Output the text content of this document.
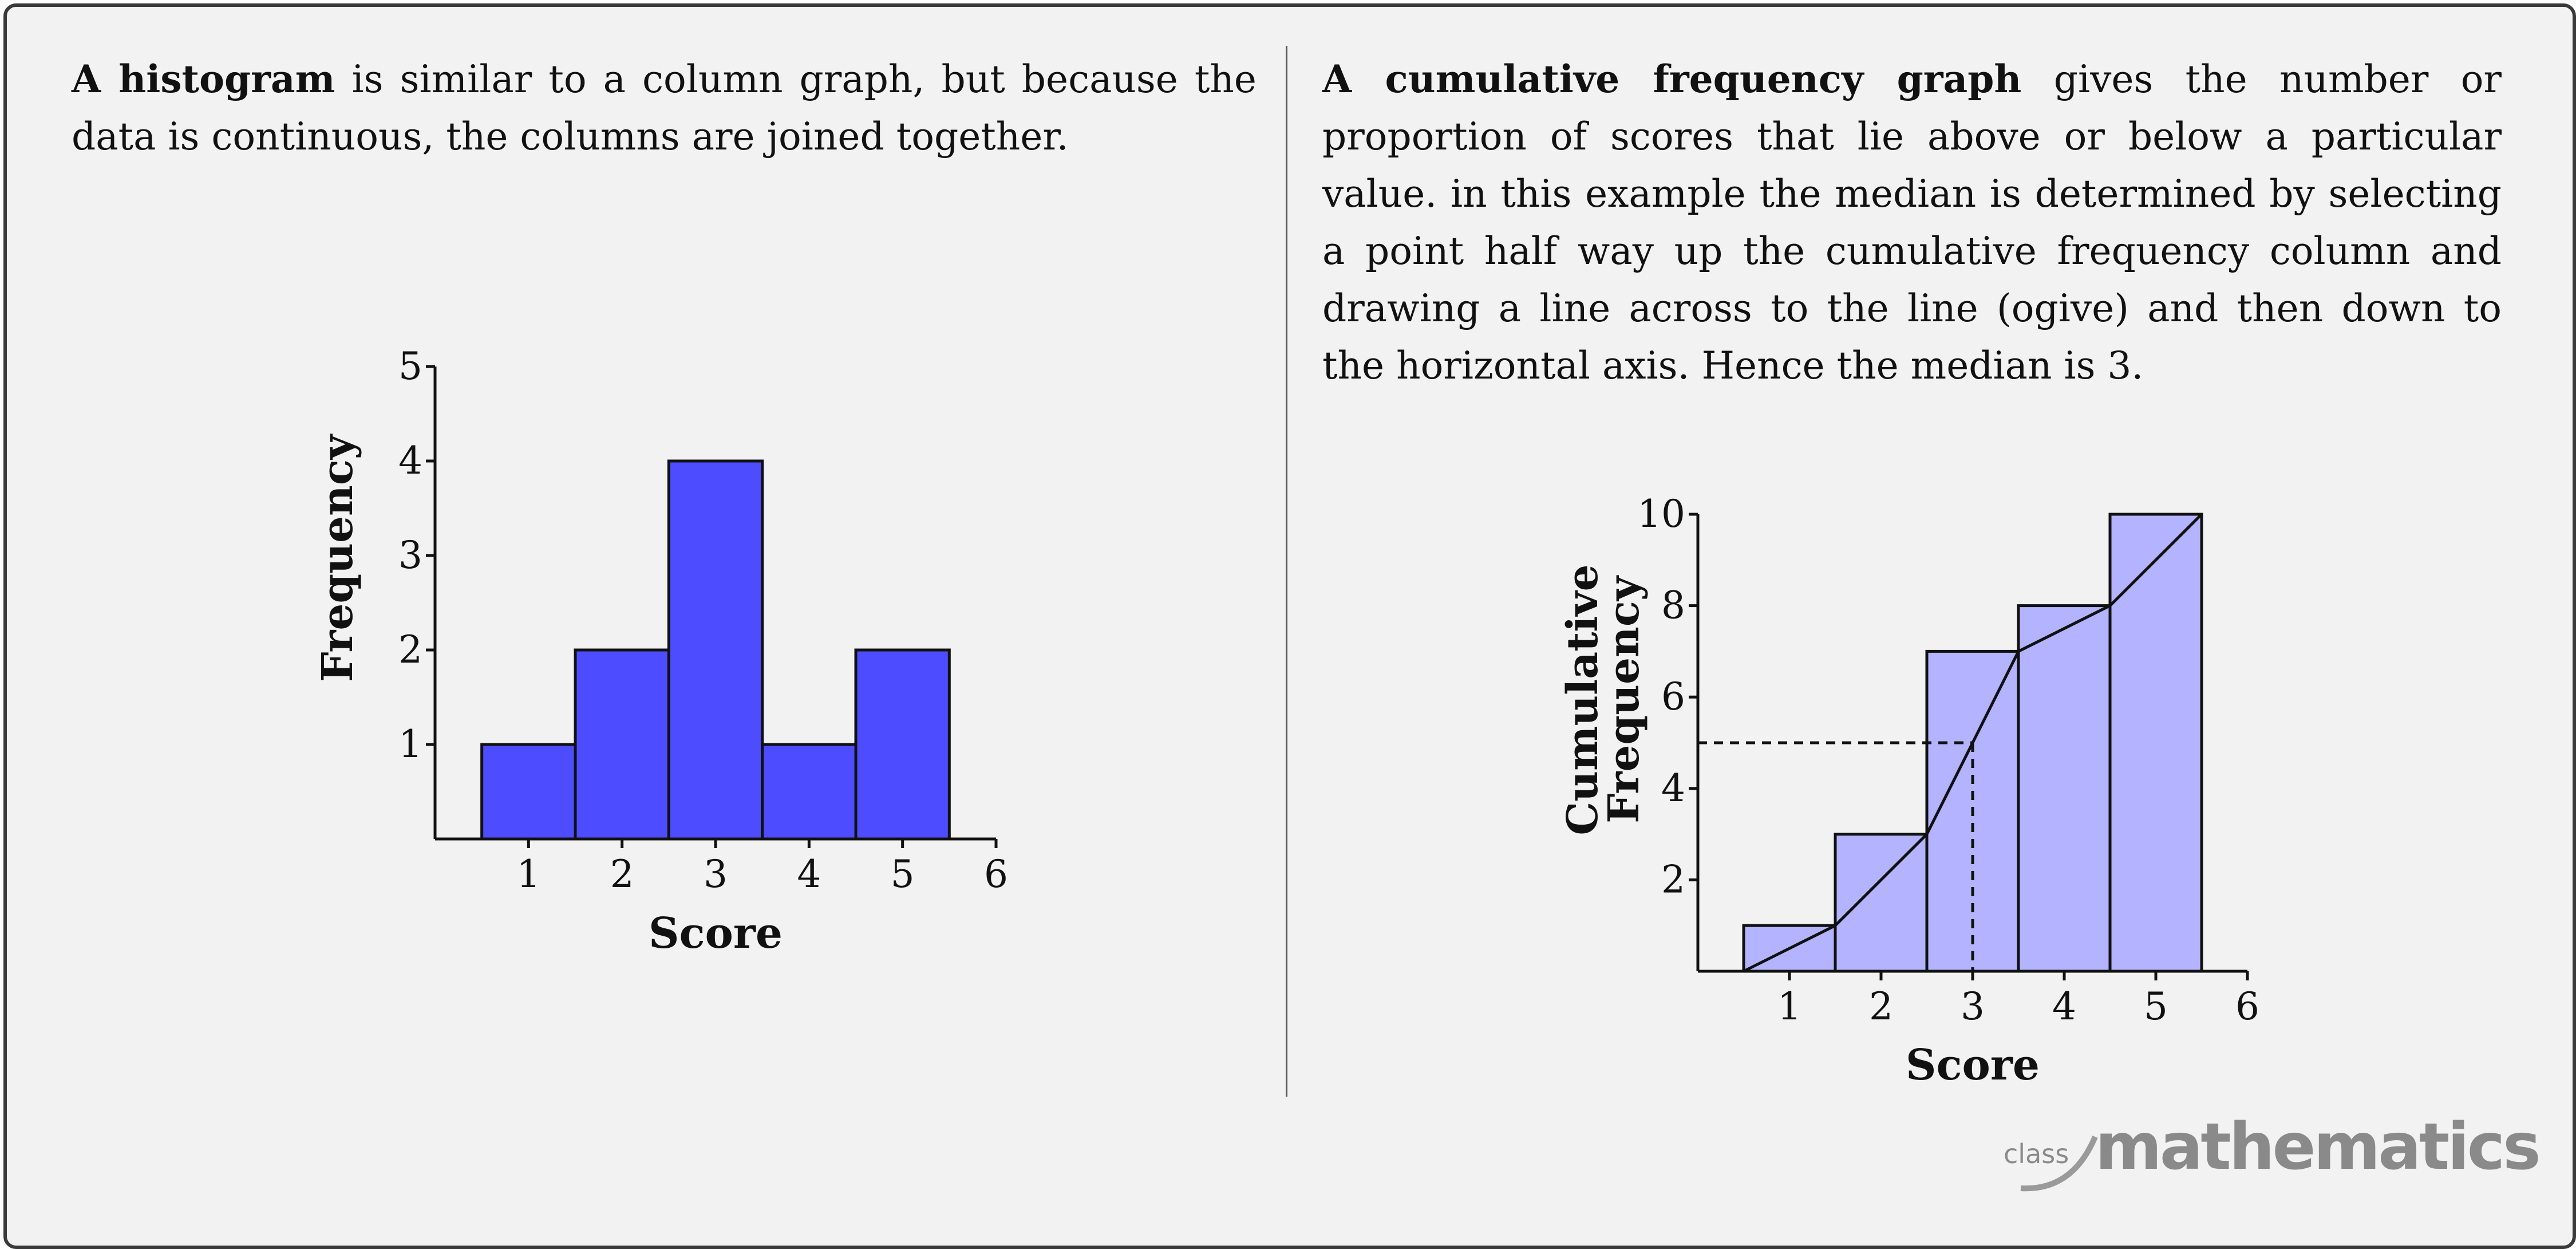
A histogram is similar to a column graph, but because the data is continuous, the columns are joined together.

A cumulative frequency graph gives the number or proportion of scores that lie above or below a particular value. in this example the median is determined by selecting a point half way up the cumulative frequency column and drawing a line across to the line (ogive) and then down to the horizontal axis. Hence the median is 3.

1 2 3 4 5 6
1
2
3
4
5
Score
Frequency
1 2 3 4 5 6
2
4
6
8
10
Score
Cumulative
Frequency
class mathematics
